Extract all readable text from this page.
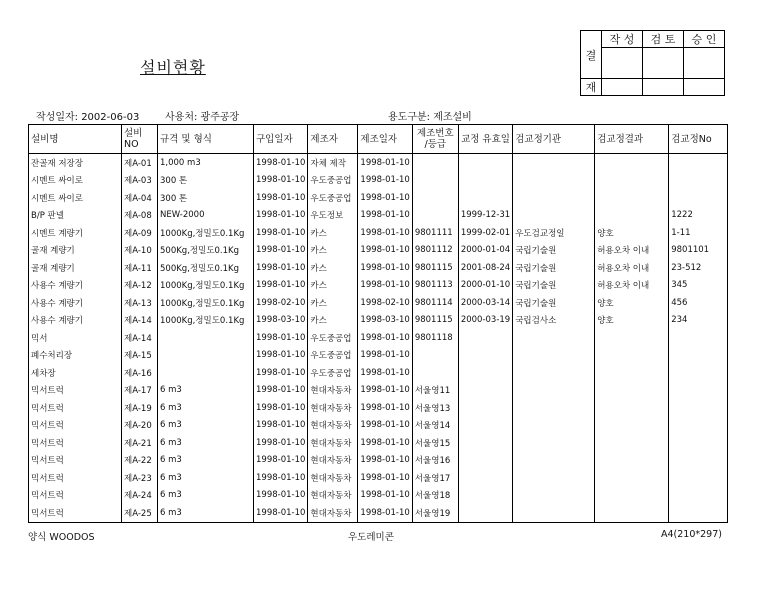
설비현황
결	작 성	검 토	승 인

재			
작성일자: 2002-06-03	사용처: 광주공장	용도구분: 제조설비
설비명	설비NO	규격 및 형식	구입일자	제조자	제조일자	제조번호 /등급	교정 유효일	검교정기관	검교정결과	검교정No
잔골재 저장장	제A-01	1,000 m3	1998-01-10	자체 제작	1998-01-10					
시멘트 싸이로	제A-03	300 톤	1998-01-10	우도중공업	1998-01-10					
시멘트 싸이로	제A-04	300 톤	1998-01-10	우도중공업	1998-01-10					
B/P 판넬	제A-08	NEW-2000	1998-01-10	우도정보	1998-01-10		1999-12-31			1222
시멘트 계량기	제A-09	1000Kg,정밀도0.1Kg	1998-01-10	카스	1998-01-10	9801111	1999-02-01	우도검교정일	양호	1-11
골재 계량기	제A-10	500Kg,정밀도0.1Kg	1998-01-10	카스	1998-01-10	9801112	2000-01-04	국립기술원	허용오차 이내	9801101
골재 계량기	제A-11	500Kg,정밀도0.1Kg	1998-01-10	카스	1998-01-10	9801115	2001-08-24	국립기술원	허용오차 이내	23-512
사용수 계량기	제A-12	1000Kg,정밀도0.1Kg	1998-01-10	카스	1998-01-10	9801113	2000-01-10	국립기술원	허용오차 이내	345
사용수 계량기	제A-13	1000Kg,정밀도0.1Kg	1998-02-10	카스	1998-02-10	9801114	2000-03-14	국립기술원	양호	456
사용수 계량기	제A-14	1000Kg,정밀도0.1Kg	1998-03-10	카스	1998-03-10	9801115	2000-03-19	국립검사소	양호	234
믹서	제A-14		1998-01-10	우도중공업	1998-01-10	9801118				
폐수처리장	제A-15		1998-01-10	우도중공업	1998-01-10					
세차장	제A-16		1998-01-10	우도중공업	1998-01-10					
믹서트럭	제A-17	6 m3	1998-01-10	현대자동차	1998-01-10	서울영11				
믹서트럭	제A-19	6 m3	1998-01-10	현대자동차	1998-01-10	서울영13				
믹서트럭	제A-20	6 m3	1998-01-10	현대자동차	1998-01-10	서울영14				
믹서트럭	제A-21	6 m3	1998-01-10	현대자동차	1998-01-10	서울영15				
믹서트럭	제A-22	6 m3	1998-01-10	현대자동차	1998-01-10	서울영16				
믹서트럭	제A-23	6 m3	1998-01-10	현대자동차	1998-01-10	서울영17				
믹서트럭	제A-24	6 m3	1998-01-10	현대자동차	1998-01-10	서울영18				
믹서트럭	제A-25	6 m3	1998-01-10	현대자동차	1998-01-10	서울영19				
양식 WOODOS	우도레미콘	A4(210*297)
